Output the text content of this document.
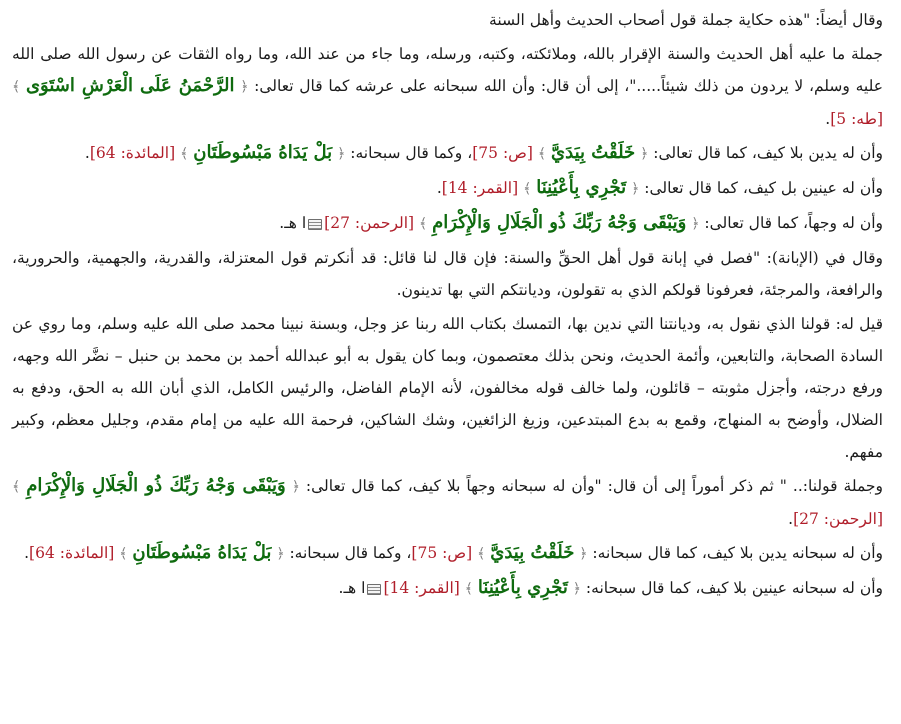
وقال أيضاً: "هذه حكاية جملة قول أصحاب الحديث وأهل السنة

جملة ما عليه أهل الحديث والسنة الإقرار بالله، وملائكته، وكتبه، ورسله، وما جاء من عند الله، وما رواه الثقات عن رسول الله صلى الله عليه وسلم، لا يردون من ذلك شيئاً....."، إلى أن قال: وأن الله سبحانه على عرشه كما قال تعالى: ﴿ الرَّحْمَنُ عَلَى الْعَرْشِ اسْتَوَى ﴾ [طه: 5].

وأن له يدين بلا كيف، كما قال تعالى: ﴿ خَلَقْتُ بِيَدَيَّ ﴾ [ص: 75]، وكما قال سبحانه: ﴿ بَلْ يَدَاهُ مَبْسُوطَتَانِ ﴾ [المائدة: 64].

وأن له عينين بل كيف، كما قال تعالى: ﴿ تَجْرِي بِأَعْيُنِنَا ﴾ [القمر: 14].

وأن له وجهاً، كما قال تعالى: ﴿ وَيَبْقَى وَجْهُ رَبِّكَ ذُو الْجَلَالِ وَالْإِكْرَامِ ﴾ [الرحمن: 27]ا هـ.

وقال في (الإبانة): "فصل في إبانة قول أهل الحقِّ والسنة: فإن قال لنا قائل: قد أنكرتم قول المعتزلة، والقدرية، والجهمية، والحرورية، والرافعة، والمرجئة، فعرفونا قولكم الذي به تقولون، وديانتكم التي بها تدينون.

قيل له: قولنا الذي نقول به، وديانتنا التي ندين بها، التمسك بكتاب الله ربنا عز وجل، وبسنة نبينا محمد صلى الله عليه وسلم، وما روي عن السادة الصحابة، والتابعين، وأئمة الحديث، ونحن بذلك معتصمون، وبما كان يقول به أبو عبدالله أحمد بن محمد بن حنبل – نضَّر الله وجهه، ورفع درجته، وأجزل مثوبته – قائلون، ولما خالف قوله مخالفون، لأنه الإمام الفاضل، والرئيس الكامل، الذي أبان الله به الحق، ودفع به الضلال، وأوضح به المنهاج، وقمع به بدع المبتدعين، وزيغ الزائغين، وشك الشاكين، فرحمة الله عليه من إمام مقدم، وجليل معظم، وكبير مفهم.

وجملة قولنا:.. " ثم ذكر أموراً إلى أن قال: "وأن له سبحانه وجهاً بلا كيف، كما قال تعالى: ﴿ وَيَبْقَى وَجْهُ رَبِّكَ ذُو الْجَلَالِ وَالْإِكْرَامِ ﴾ [الرحمن: 27].

وأن له سبحانه يدين بلا كيف، كما قال سبحانه: ﴿ خَلَقْتُ بِيَدَيَّ ﴾ [ص: 75]، وكما قال سبحانه: ﴿ بَلْ يَدَاهُ مَبْسُوطَتَانِ ﴾ [المائدة: 64].

وأن له سبحانه عينين بلا كيف، كما قال سبحانه: ﴿ تَجْرِي بِأَعْيُنِنَا ﴾ [القمر: 14]ا هـ.
